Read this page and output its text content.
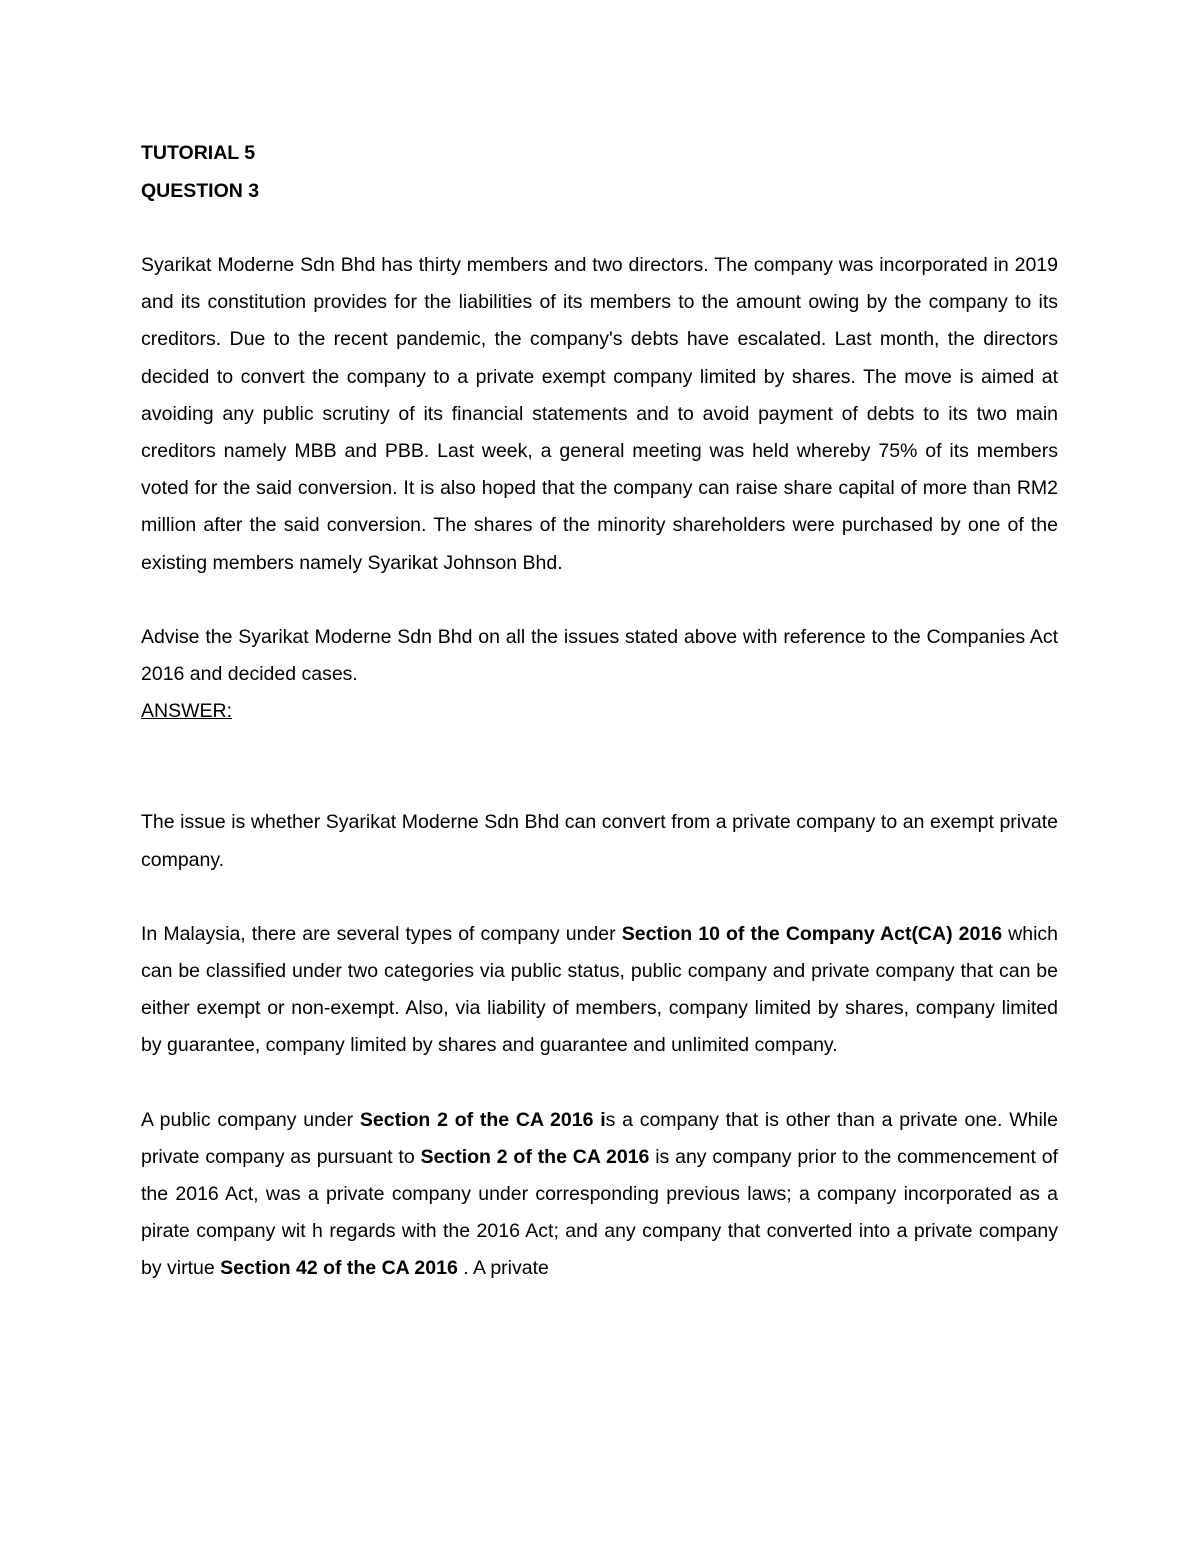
TUTORIAL 5

QUESTION 3

Syarikat Moderne Sdn Bhd has thirty members and two directors. The company was incorporated in 2019 and its constitution provides for the liabilities of its members to the amount owing by the company to its creditors. Due to the recent pandemic, the company's debts have escalated. Last month, the directors decided to convert the company to a private exempt company limited by shares. The move is aimed at avoiding any public scrutiny of its financial statements and to avoid payment of debts to its two main creditors namely MBB and PBB. Last week, a general meeting was held whereby 75% of its members voted for the said conversion. It is also hoped that the company can raise share capital of more than RM2 million after the said conversion. The shares of the minority shareholders were purchased by one of the existing members namely Syarikat Johnson Bhd.

Advise the Syarikat Moderne Sdn Bhd on all the issues stated above with reference to the Companies Act 2016 and decided cases.

ANSWER:

The issue is whether Syarikat Moderne Sdn Bhd can convert from a private company to an exempt private company.

In Malaysia, there are several types of company under Section 10 of the Company Act(CA) 2016 which can be classified under two categories via public status, public company and private company that can be either exempt or non-exempt. Also, via liability of members, company limited by shares, company limited by guarantee, company limited by shares and guarantee and unlimited company.

A public company under Section 2 of the CA 2016 is a company that is other than a private one. While private company as pursuant to Section 2 of the CA 2016 is any company prior to the commencement of the 2016 Act, was a private company under corresponding previous laws; a company incorporated as a pirate company wit h regards with the 2016 Act; and any company that converted into a private company by virtue Section 42 of the CA 2016 . A private
